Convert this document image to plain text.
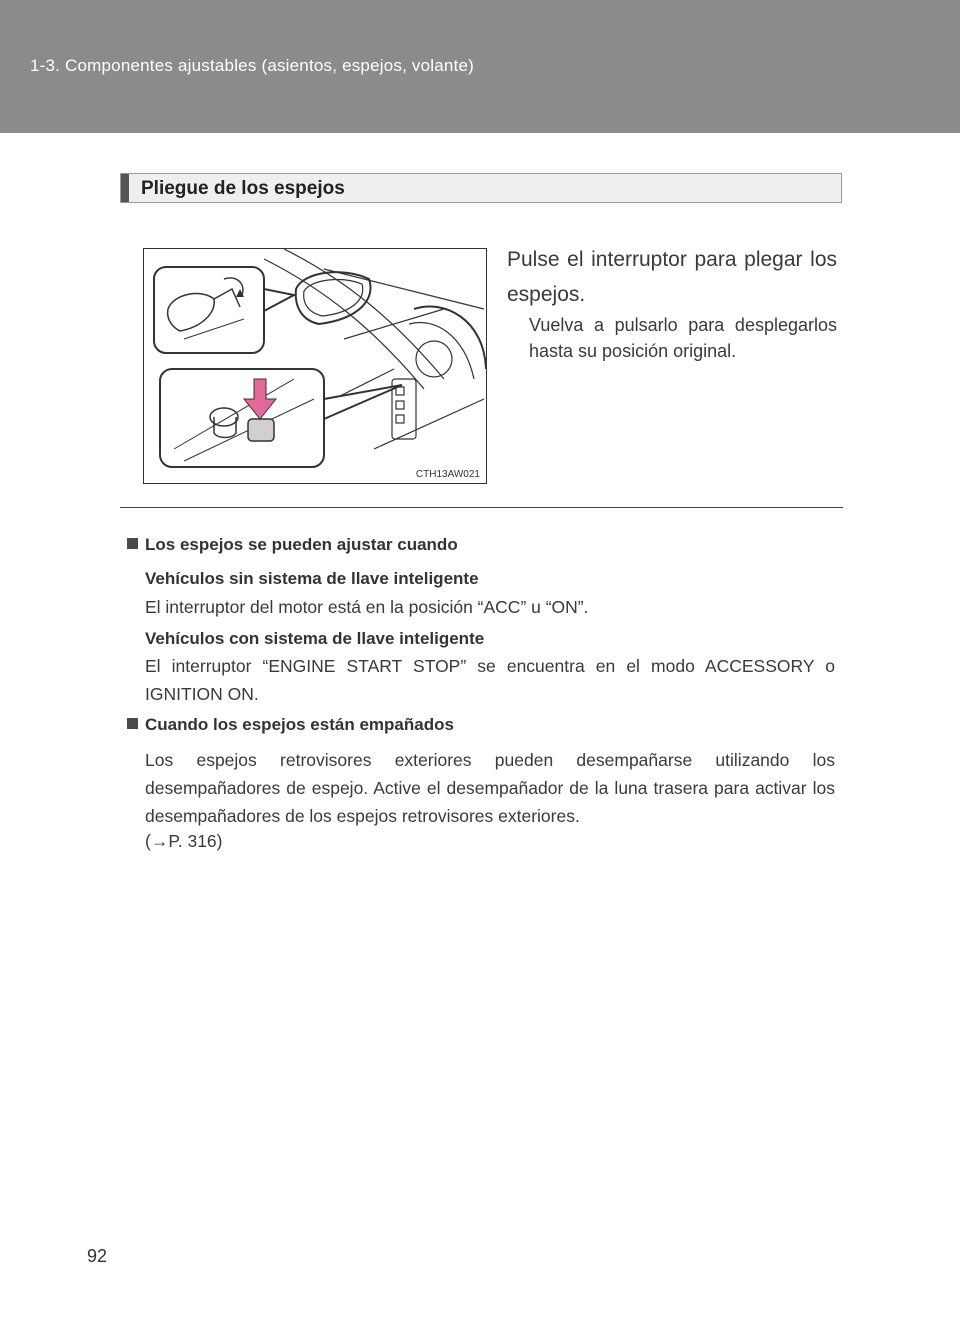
1-3. Componentes ajustables (asientos, espejos, volante)
Pliegue de los espejos
CTH13AW021
Pulse el interruptor para plegar los espejos.
Vuelva a pulsarlo para desplegarlos hasta su posición original.
Los espejos se pueden ajustar cuando
Vehículos sin sistema de llave inteligente
El interruptor del motor está en la posición “ACC” u “ON”.
Vehículos con sistema de llave inteligente
El interruptor “ENGINE START STOP” se encuentra en el modo ACCESSORY o IGNITION ON.
Cuando los espejos están empañados
Los espejos retrovisores exteriores pueden desempañarse utilizando los desempañadores de espejo. Active el desempañador de la luna trasera para activar los desempañadores de los espejos retrovisores exteriores.
(→P. 316)
92
